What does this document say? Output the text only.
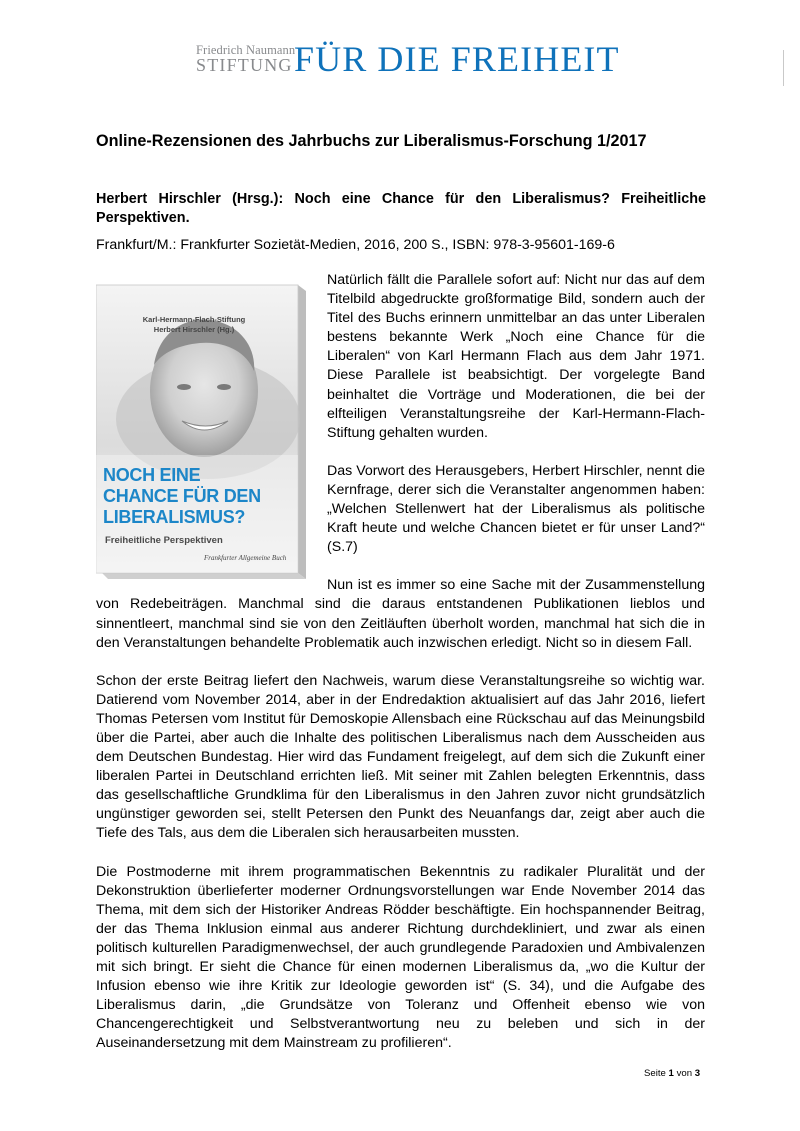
Friedrich Naumann
STIFTUNG FÜR DIE FREIHEIT
Online-Rezensionen des Jahrbuchs zur Liberalismus-Forschung 1/2017
Herbert Hirschler (Hrsg.): Noch eine Chance für den Liberalismus? Freiheitliche Perspektiven.

Frankfurt/M.: Frankfurter Sozietät-Medien, 2016, 200 S., ISBN: 978-3-95601-169-6

Karl-Hermann-Flach-Stiftung
Herbert Hirschler (Hg.)
NOCH EINE
CHANCE FÜR DEN
LIBERALISMUS?
Freiheitliche Perspektiven
Frankfurter Allgemeine Buch

Natürlich fällt die Parallele sofort auf: Nicht nur das auf dem Titelbild abgedruckte großformatige Bild, sondern auch der Titel des Buchs erinnern unmittelbar an das unter Liberalen bestens bekannte Werk „Noch eine Chance für die Liberalen“ von Karl Hermann Flach aus dem Jahr 1971. Diese Parallele ist beabsichtigt. Der vorgelegte Band beinhaltet die Vorträge und Moderationen, die bei der elfteiligen Veranstaltungsreihe der Karl-Hermann-Flach-Stiftung gehalten wurden.

Das Vorwort des Herausgebers, Herbert Hirschler, nennt die Kernfrage, derer sich die Veranstalter angenommen haben: „Welchen Stellenwert hat der Liberalismus als politische Kraft heute und welche Chancen bietet er für unser Land?“ (S.7)

Nun ist es immer so eine Sache mit der Zusammenstellung von Redebeiträgen. Manchmal sind die daraus entstandenen Publikationen lieblos und sinnentleert, manchmal sind sie von den Zeitläuften überholt worden, manchmal hat sich die in den Veranstaltungen behandelte Problematik auch inzwischen erledigt. Nicht so in diesem Fall.

Schon der erste Beitrag liefert den Nachweis, warum diese Veranstaltungsreihe so wichtig war. Datierend vom November 2014, aber in der Endredaktion aktualisiert auf das Jahr 2016, liefert Thomas Petersen vom Institut für Demoskopie Allensbach eine Rückschau auf das Meinungsbild über die Partei, aber auch die Inhalte des politischen Liberalismus nach dem Ausscheiden aus dem Deutschen Bundestag. Hier wird das Fundament freigelegt, auf dem sich die Zukunft einer liberalen Partei in Deutschland errichten ließ. Mit seiner mit Zahlen belegten Erkenntnis, dass das gesellschaftliche Grundklima für den Liberalismus in den Jahren zuvor nicht grundsätzlich ungünstiger geworden sei, stellt Petersen den Punkt des Neuanfangs dar, zeigt aber auch die Tiefe des Tals, aus dem die Liberalen sich herausarbeiten mussten.

Die Postmoderne mit ihrem programmatischen Bekenntnis zu radikaler Pluralität und der Dekonstruktion überlieferter moderner Ordnungsvorstellungen war Ende November 2014 das Thema, mit dem sich der Historiker Andreas Rödder beschäftigte. Ein hochspannender Beitrag, der das Thema Inklusion einmal aus anderer Richtung durchdekliniert, und zwar als einen politisch kulturellen Paradigmenwechsel, der auch grundlegende Paradoxien und Ambivalenzen mit sich bringt. Er sieht die Chance für einen modernen Liberalismus da, „wo die Kultur der Infusion ebenso wie ihre Kritik zur Ideologie geworden ist“ (S. 34), und die Aufgabe des Liberalismus darin, „die Grundsätze von Toleranz und Offenheit ebenso wie von Chancengerechtigkeit und Selbstverantwortung neu zu beleben und sich in der Auseinandersetzung mit dem Mainstream zu profilieren“.

Seite 1 von 3
